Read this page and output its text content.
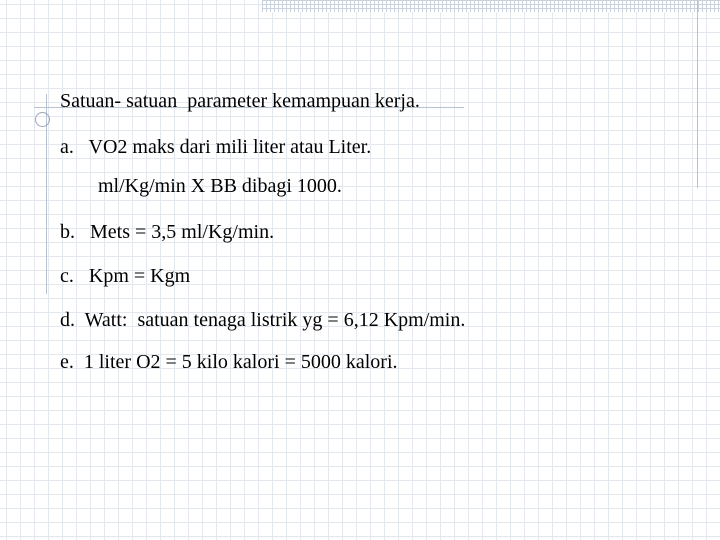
Satuan- satuan  parameter kemampuan kerja.

a.   VO2 maks dari mili liter atau Liter.

ml/Kg/min X BB dibagi 1000.

b.   Mets = 3,5 ml/Kg/min.

c.   Kpm = Kgm

d.  Watt:  satuan tenaga listrik yg = 6,12 Kpm/min.

e.  1 liter O2 = 5 kilo kalori = 5000 kalori.
